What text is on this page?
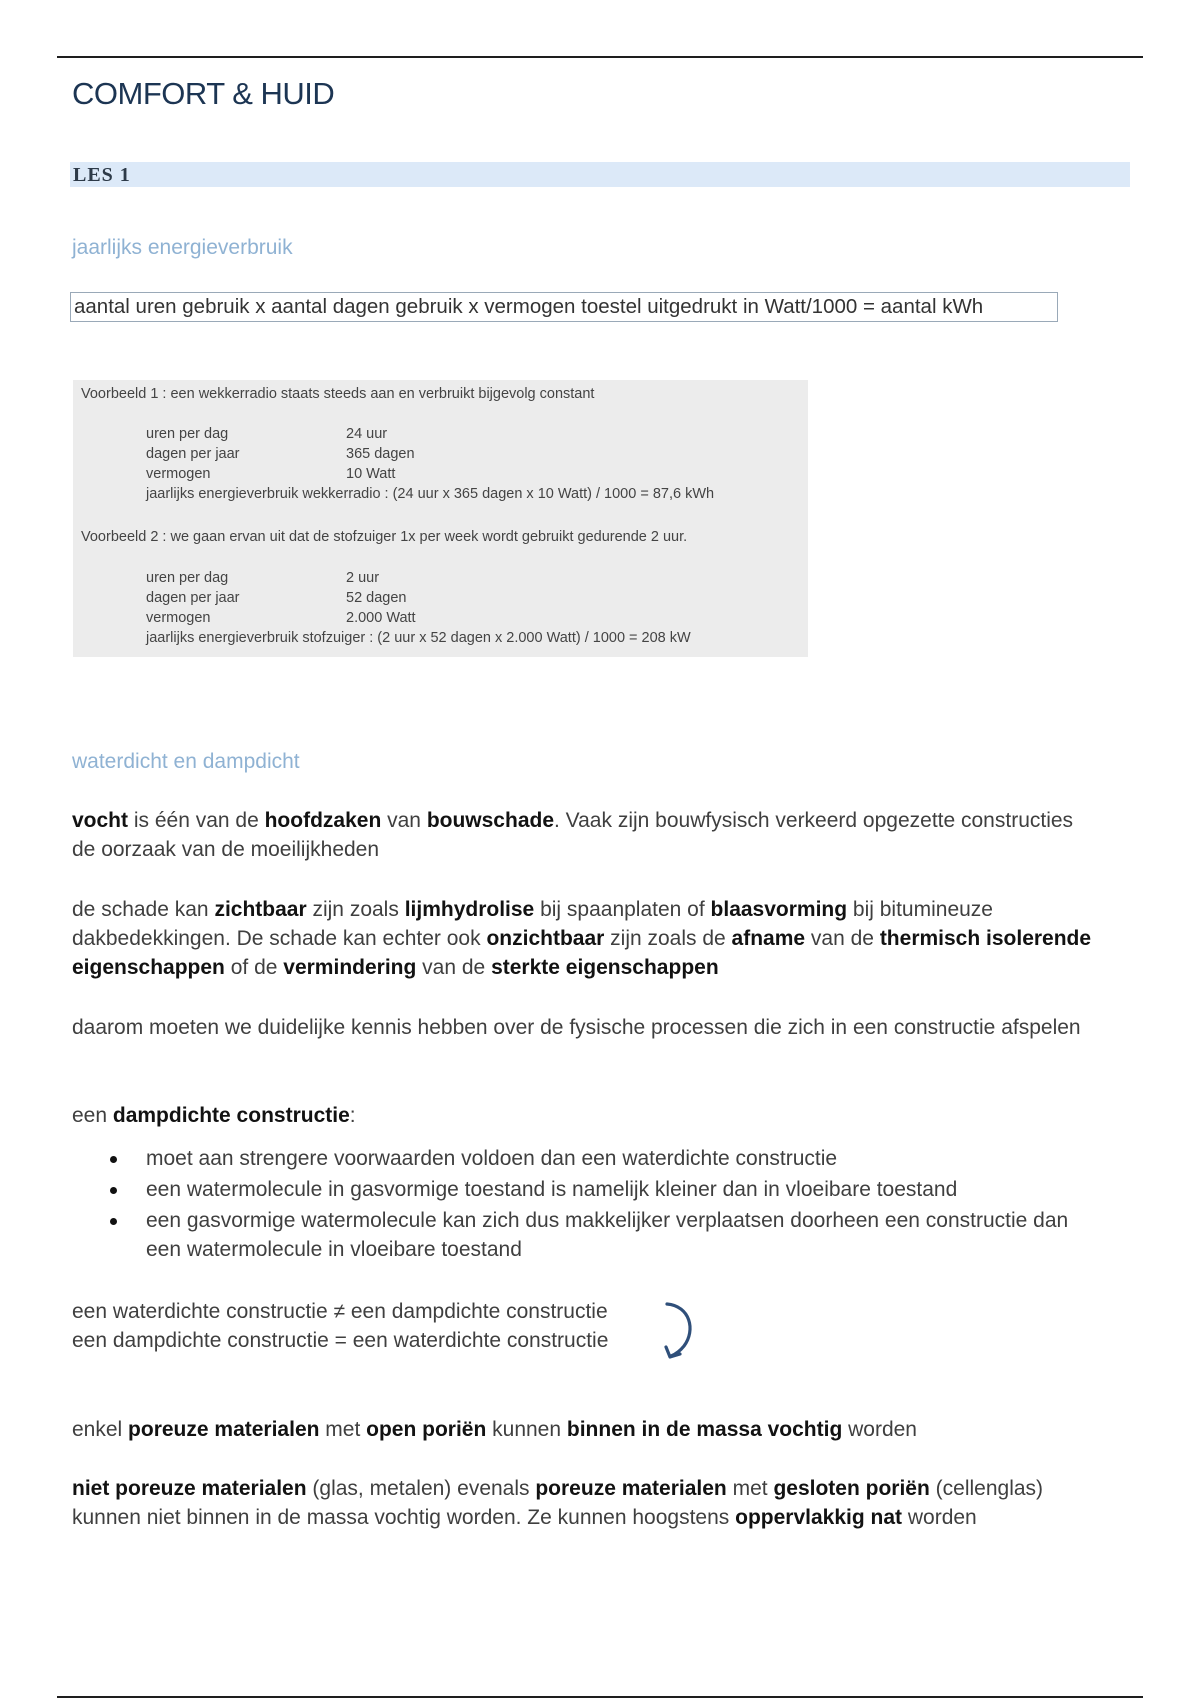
COMFORT & HUID
LES 1
jaarlijks energieverbruik
aantal uren gebruik x aantal dagen gebruik x vermogen toestel uitgedrukt in Watt/1000 = aantal kWh
Voorbeeld 1 : een wekkerradio staats steeds aan en verbruikt bijgevolg constant
uren per dag	24 uur
dagen per jaar	365 dagen
vermogen	10 Watt
jaarlijks energieverbruik wekkerradio : (24 uur x 365 dagen x 10 Watt) / 1000 = 87,6 kWh
Voorbeeld 2 : we gaan ervan uit dat de stofzuiger 1x per week wordt gebruikt gedurende 2 uur.
uren per dag	2 uur
dagen per jaar	52 dagen
vermogen	2.000 Watt
jaarlijks energieverbruik stofzuiger : (2 uur x 52 dagen x 2.000 Watt) / 1000 = 208 kW
waterdicht en dampdicht
vocht is één van de hoofdzaken van bouwschade. Vaak zijn bouwfysisch verkeerd opgezette constructies
de oorzaak van de moeilijkheden
de schade kan zichtbaar zijn zoals lijmhydrolise bij spaanplaten of blaasvorming bij bitumineuze
dakbedekkingen. De schade kan echter ook onzichtbaar zijn zoals de afname van de thermisch isolerende
eigenschappen of de vermindering van de sterkte eigenschappen
daarom moeten we duidelijke kennis hebben over de fysische processen die zich in een constructie afspelen
een dampdichte constructie:
moet aan strengere voorwaarden voldoen dan een waterdichte constructie
een watermolecule in gasvormige toestand is namelijk kleiner dan in vloeibare toestand
een gasvormige watermolecule kan zich dus makkelijker verplaatsen doorheen een constructie dan
een watermolecule in vloeibare toestand
een waterdichte constructie ≠ een dampdichte constructie
een dampdichte constructie = een waterdichte constructie
enkel poreuze materialen met open poriën kunnen binnen in de massa vochtig worden
niet poreuze materialen (glas, metalen) evenals poreuze materialen met gesloten poriën (cellenglas)
kunnen niet binnen in de massa vochtig worden. Ze kunnen hoogstens oppervlakkig nat worden
